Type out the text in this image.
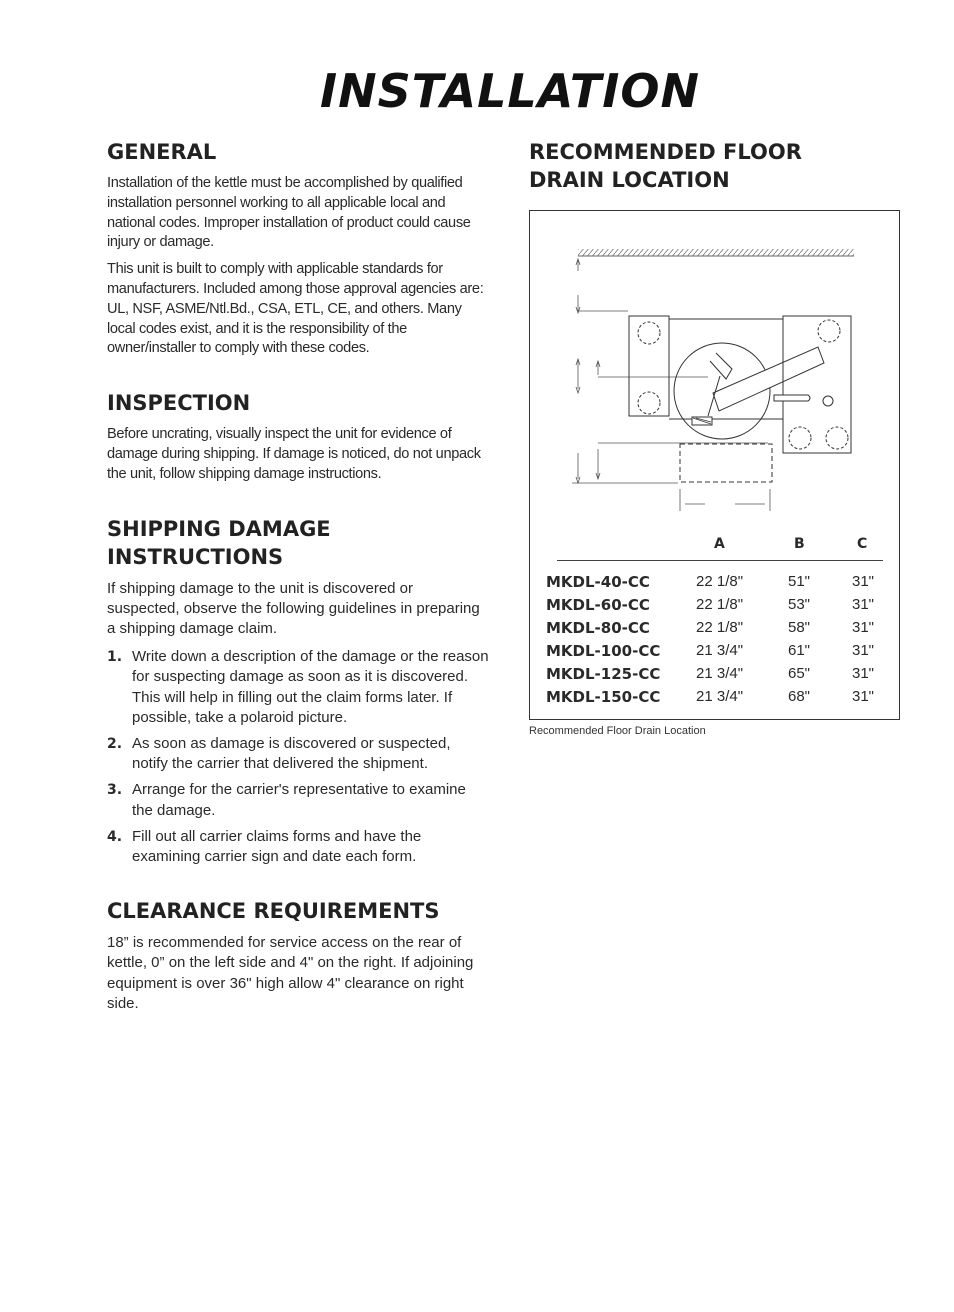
INSTALLATION
GENERAL

Installation of the kettle must be accomplished by qualified installation personnel working to all applicable local and national codes. Improper installation of product could cause injury or damage.

This unit is built to comply with applicable standards for manufacturers. Included among those approval agencies are: UL, NSF, ASME/Ntl.Bd., CSA, ETL, CE, and others. Many local codes exist, and it is the responsibility of the owner/installer to comply with these codes.

INSPECTION

Before uncrating, visually inspect the unit for evidence of damage during shipping. If damage is noticed, do not unpack the unit, follow shipping damage instructions.

SHIPPING DAMAGE INSTRUCTIONS

If shipping damage to the unit is discovered or suspected, observe the following guidelines in preparing a shipping damage claim.

1. Write down a description of the damage or the reason for suspecting damage as soon as it is discovered. This will help in filling out the claim forms later. If possible, take a polaroid picture.
2. As soon as damage is discovered or suspected, notify the carrier that delivered the shipment.
3. Arrange for the carrier's representative to examine the damage.
4. Fill out all carrier claims forms and have the examining carrier sign and date each form.
CLEARANCE REQUIREMENTS

18” is recommended for service access on the rear of kettle, 0” on the left side and 4" on the right. If adjoining equipment is over 36" high allow 4" clearance on right side.

RECOMMENDED FLOOR DRAIN LOCATION
A	B	C
MKDL-40-CC	22 1/8"	51"	31"
MKDL-60-CC	22 1/8"	53"	31"
MKDL-80-CC	22 1/8"	58"	31"
MKDL-100-CC 21 3/4"	61"	31"
MKDL-125-CC 21 3/4"	65"	31"
MKDL-150-CC 21 3/4"	68"	31"
Recommended Floor Drain Location
